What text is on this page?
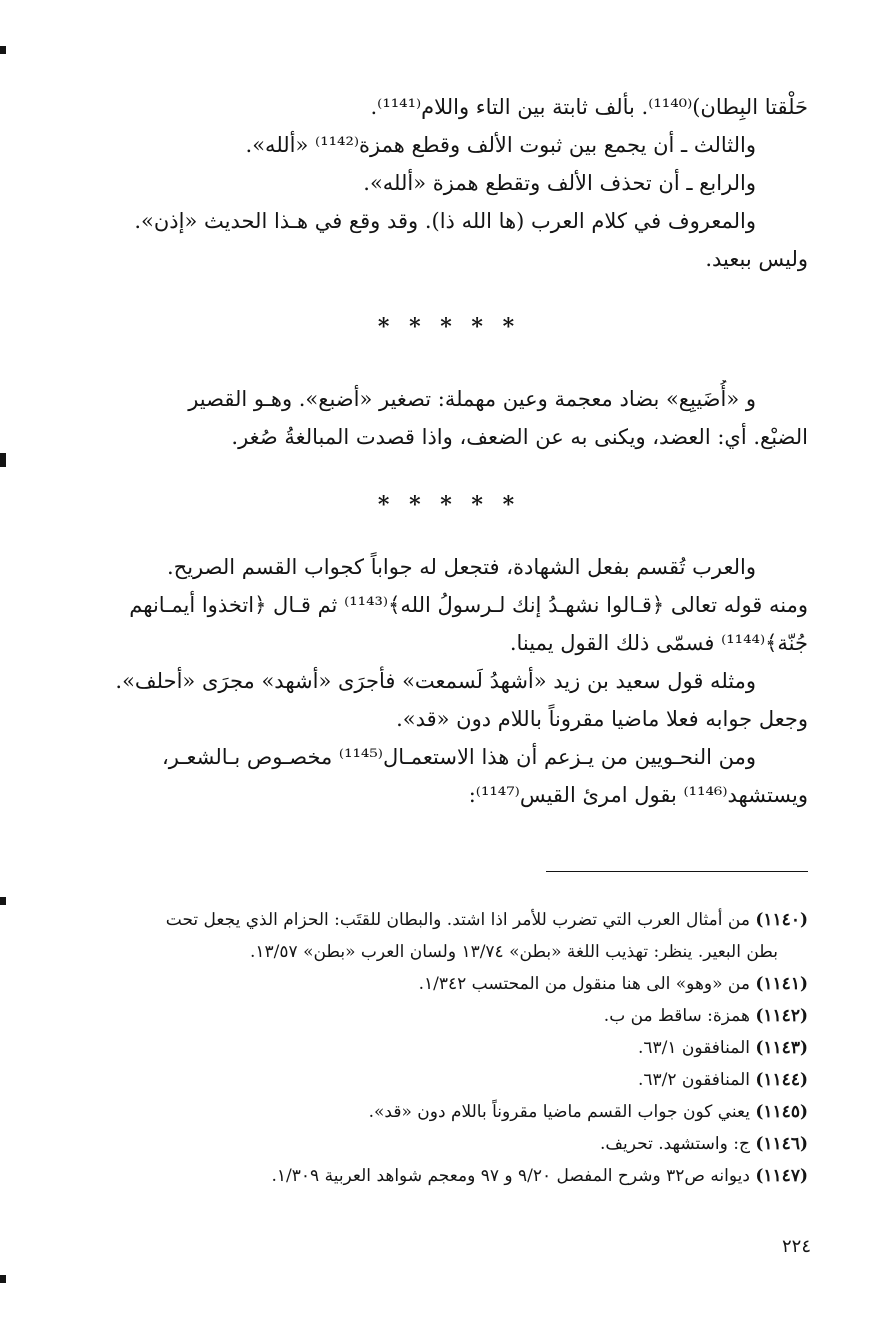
حَلْقتا البِطان)⁽¹¹⁴⁰⁾. بألف ثابتة بين التاء واللام⁽¹¹⁴¹⁾.
والثالث ـ أن يجمع بين ثبوت الألف وقطع همزة⁽¹¹⁴²⁾ «ألله».
والرابع ـ أن تحذف الألف وتقطع همزة «ألله».
والمعروف في كلام العرب (ها الله ذا). وقد وقع في هـذا الحديث «إذن».
وليس ببعيد.
* * * * *
و «أُضَيبِع» بضاد معجمة وعين مهملة: تصغير «أضبع». وهـو القصير
الضبْع. أي: العضد، ويكنى به عن الضعف، واذا قصدت المبالغةُ صُغر.
* * * * *
والعرب تُقسم بفعل الشهادة، فتجعل له جواباً كجواب القسم الصريح.
ومنه قوله تعالى ﴿قـالوا نشهـدُ إنك لـرسولُ الله﴾⁽¹¹⁴³⁾ ثم قـال ﴿اتخذوا أيمـانهم
جُنّة﴾⁽¹¹⁴⁴⁾ فسمّى ذلك القول يمينا.
ومثله قول سعيد بن زيد «أشهدُ لَسمعت» فأجرَى «أشهد» مجرَى «أحلف».
وجعل جوابه فعلا ماضيا مقروناً باللام دون «قد».
ومن النحـويين من يـزعم أن هذا الاستعمـال⁽¹¹⁴⁵⁾ مخصـوص بـالشعـر،
ويستشهد⁽¹¹⁴⁶⁾ بقول امرئ القيس⁽¹¹⁴⁷⁾:
(١١٤٠) من أمثال العرب التي تضرب للأمر اذا اشتد. والبطان للقتَب: الحزام الذي يجعل تحت
بطن البعير. ينظر: تهذيب اللغة «بطن» ١٣/٧٤ ولسان العرب «بطن» ١٣/٥٧.
(١١٤١) من «وهو» الى هنا منقول من المحتسب ١/٣٤٢.
(١١٤٢) همزة: ساقط من ب.
(١١٤٣) المنافقون ٦٣/١.
(١١٤٤) المنافقون ٦٣/٢.
(١١٤٥) يعني كون جواب القسم ماضيا مقروناً باللام دون «قد».
(١١٤٦) ج: واستشهد. تحريف.
(١١٤٧) ديوانه ص٣٢ وشرح المفصل ٩/٢٠ و ٩٧ ومعجم شواهد العربية ١/٣٠٩.
٢٢٤
